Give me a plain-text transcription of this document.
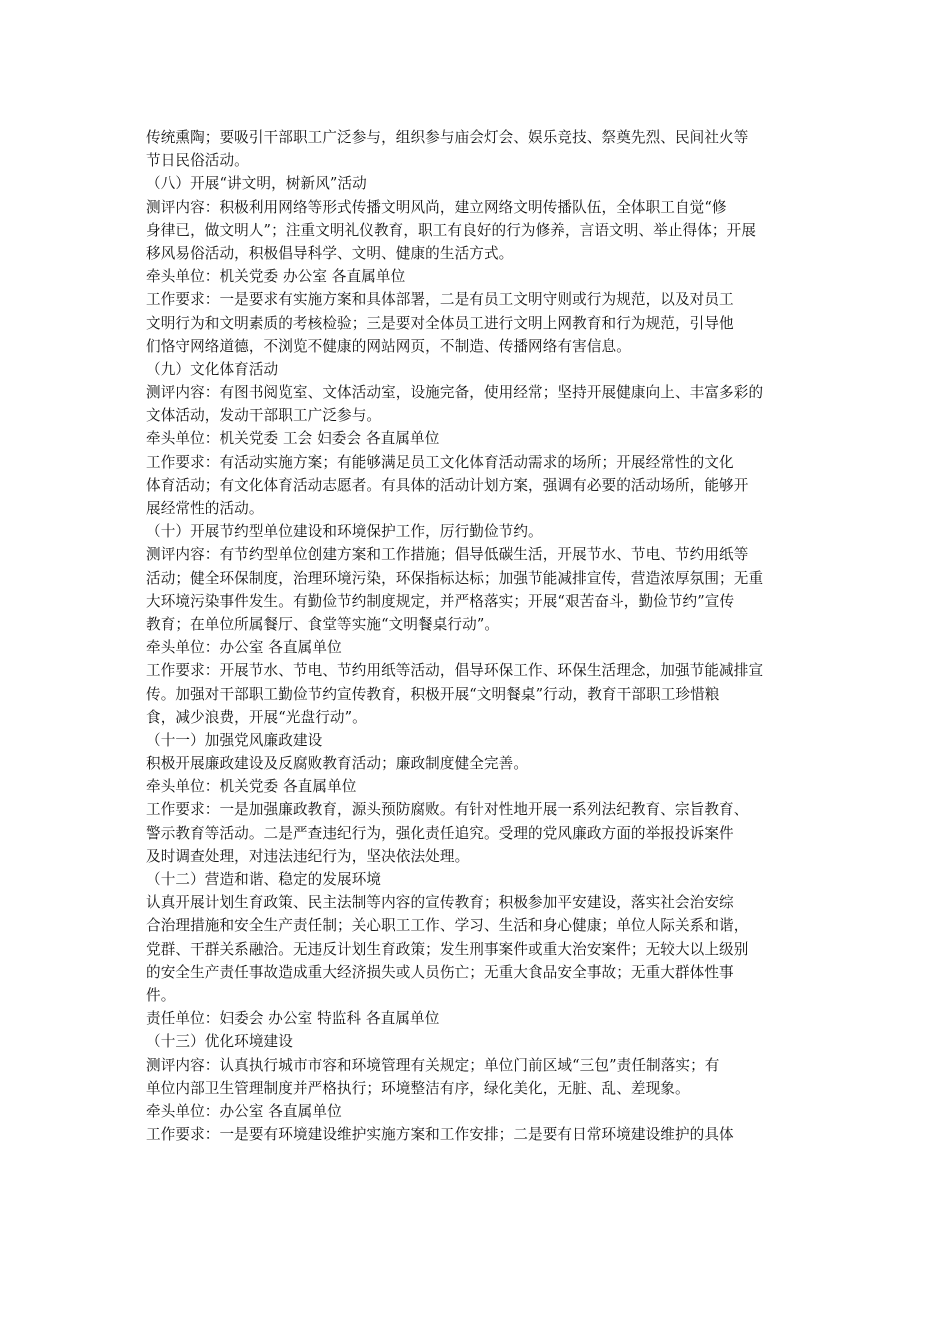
传统熏陶；要吸引干部职工广泛参与，组织参与庙会灯会、娱乐竞技、祭奠先烈、民间社火等
节日民俗活动。
（八）开展“讲文明，树新风”活动
测评内容：积极利用网络等形式传播文明风尚，建立网络文明传播队伍，全体职工自觉“修
身律已，做文明人”；注重文明礼仪教育，职工有良好的行为修养，言语文明、举止得体；开展
移风易俗活动，积极倡导科学、文明、健康的生活方式。
牵头单位：机关党委 办公室 各直属单位
工作要求：一是要求有实施方案和具体部署，二是有员工文明守则或行为规范，以及对员工
文明行为和文明素质的考核检验；三是要对全体员工进行文明上网教育和行为规范，引导他
们恪守网络道德，不浏览不健康的网站网页，不制造、传播网络有害信息。
（九）文化体育活动
测评内容：有图书阅览室、文体活动室，设施完备，使用经常；坚持开展健康向上、丰富多彩的
文体活动，发动干部职工广泛参与。
牵头单位：机关党委 工会 妇委会 各直属单位
工作要求：有活动实施方案；有能够满足员工文化体育活动需求的场所；开展经常性的文化
体育活动；有文化体育活动志愿者。有具体的活动计划方案，强调有必要的活动场所，能够开
展经常性的活动。
（十）开展节约型单位建设和环境保护工作，厉行勤俭节约。
测评内容：有节约型单位创建方案和工作措施；倡导低碳生活，开展节水、节电、节约用纸等
活动；健全环保制度，治理环境污染，环保指标达标；加强节能减排宣传，营造浓厚氛围；无重
大环境污染事件发生。有勤俭节约制度规定，并严格落实；开展“艰苦奋斗，勤俭节约”宣传
教育；在单位所属餐厅、食堂等实施“文明餐桌行动”。
牵头单位：办公室 各直属单位
工作要求：开展节水、节电、节约用纸等活动，倡导环保工作、环保生活理念，加强节能减排宣
传。加强对干部职工勤俭节约宣传教育，积极开展“文明餐桌”行动，教育干部职工珍惜粮
食，减少浪费，开展“光盘行动”。
（十一）加强党风廉政建设
积极开展廉政建设及反腐败教育活动；廉政制度健全完善。
牵头单位：机关党委 各直属单位
工作要求：一是加强廉政教育，源头预防腐败。有针对性地开展一系列法纪教育、宗旨教育、
警示教育等活动。二是严查违纪行为，强化责任追究。受理的党风廉政方面的举报投诉案件
及时调查处理，对违法违纪行为，坚决依法处理。
（十二）营造和谐、稳定的发展环境
认真开展计划生育政策、民主法制等内容的宣传教育；积极参加平安建设，落实社会治安综
合治理措施和安全生产责任制；关心职工工作、学习、生活和身心健康；单位人际关系和谐，
党群、干群关系融洽。无违反计划生育政策；发生刑事案件或重大治安案件；无较大以上级别
的安全生产责任事故造成重大经济损失或人员伤亡；无重大食品安全事故；无重大群体性事
件。
责任单位：妇委会 办公室 特监科 各直属单位
（十三）优化环境建设
测评内容：认真执行城市市容和环境管理有关规定；单位门前区域“三包”责任制落实；有
单位内部卫生管理制度并严格执行；环境整洁有序，绿化美化，无脏、乱、差现象。
牵头单位：办公室 各直属单位
工作要求：一是要有环境建设维护实施方案和工作安排；二是要有日常环境建设维护的具体
